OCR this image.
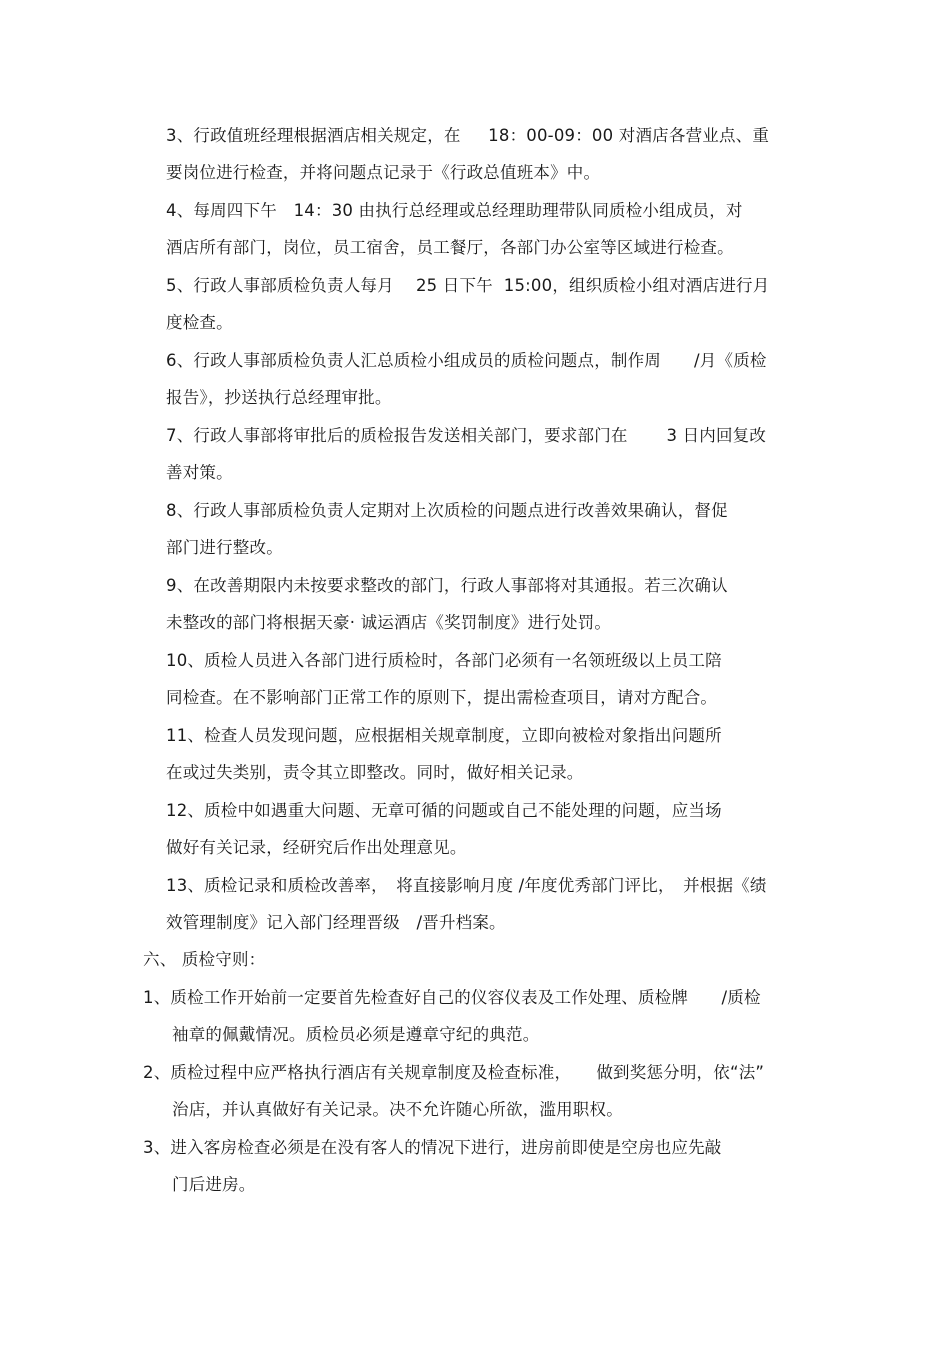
3、行政值班经理根据酒店相关规定，在　  18：00-09：00 对酒店各营业点、重
要岗位进行检查，并将问题点记录于《行政总值班本》中。
4、每周四下午　14：30 由执行总经理或总经理助理带队同质检小组成员，对
酒店所有部门，岗位，员工宿舍，员工餐厅，各部门办公室等区域进行检查。
5、行政人事部质检负责人每月　 25 日下午  15:00，组织质检小组对酒店进行月
度检查。
6、行政人事部质检负责人汇总质检小组成员的质检问题点，制作周　   /月《质检
报告》，抄送执行总经理审批。
7、行政人事部将审批后的质检报告发送相关部门，要求部门在　　 3 日内回复改
善对策。
8、行政人事部质检负责人定期对上次质检的问题点进行改善效果确认，督促
部门进行整改。
9、在改善期限内未按要求整改的部门，行政人事部将对其通报。若三次确认
未整改的部门将根据天豪· 诚运酒店《奖罚制度》进行处罚。
10、质检人员进入各部门进行质检时，各部门必须有一名领班级以上员工陪
同检查。在不影响部门正常工作的原则下，提出需检查项目，请对方配合。
11、检查人员发现问题，应根据相关规章制度，立即向被检对象指出问题所
在或过失类别，责令其立即整改。同时，做好相关记录。
12、质检中如遇重大问题、无章可循的问题或自己不能处理的问题，应当场
做好有关记录，经研究后作出处理意见。
13、质检记录和质检改善率，　将直接影响月度 /年度优秀部门评比，　并根据《绩
效管理制度》记入部门经理晋级　/晋升档案。
六、 质检守则：
1、质检工作开始前一定要首先检查好自己的仪容仪表及工作处理、质检牌　　/质检
袖章的佩戴情况。质检员必须是遵章守纪的典范。
2、质检过程中应严格执行酒店有关规章制度及检查标准，　　做到奖惩分明，依“法”
治店，并认真做好有关记录。决不允许随心所欲，滥用职权。
3、进入客房检查必须是在没有客人的情况下进行，进房前即使是空房也应先敲
门后进房。
